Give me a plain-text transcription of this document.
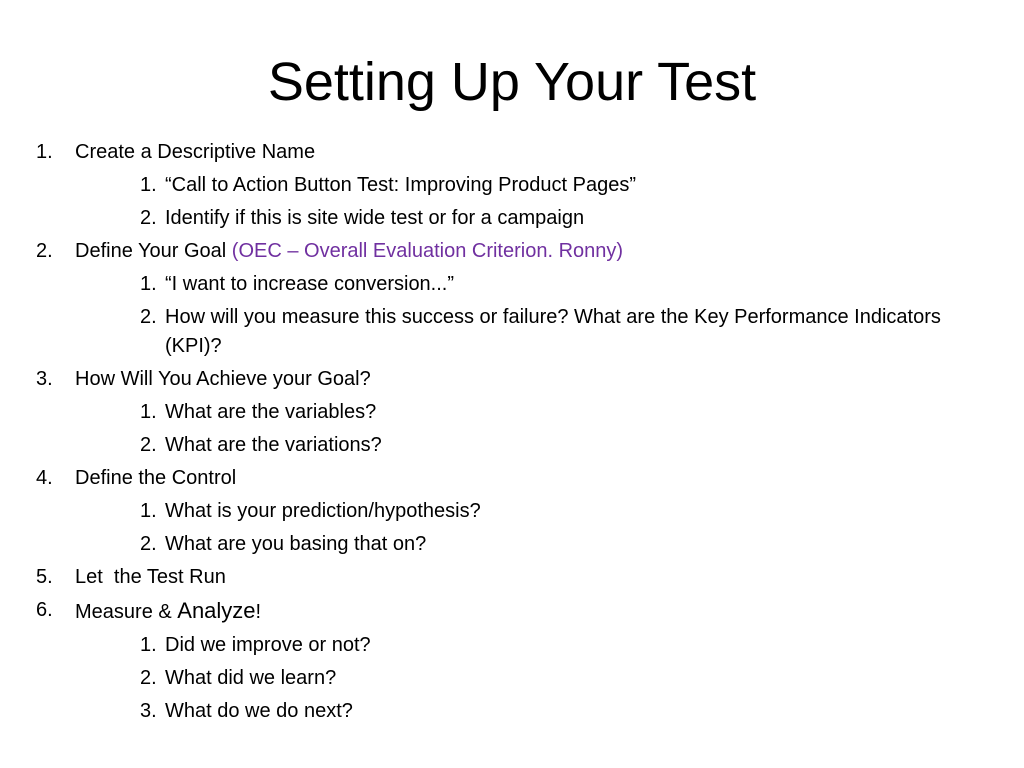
Setting Up Your Test
1. Create a Descriptive Name
1. “Call to Action Button Test: Improving Product Pages”
2. Identify if this is site wide test or for a campaign
2. Define Your Goal (OEC – Overall Evaluation Criterion. Ronny)
1. “I want to increase conversion...”
2. How will you measure this success or failure? What are the Key Performance Indicators (KPI)?
3. How Will You Achieve your Goal?
1. What are the variables?
2. What are the variations?
4. Define the Control
1. What is your prediction/hypothesis?
2. What are you basing that on?
5. Let  the Test Run
6. Measure & Analyze!
1. Did we improve or not?
2. What did we learn?
3. What do we do next?
